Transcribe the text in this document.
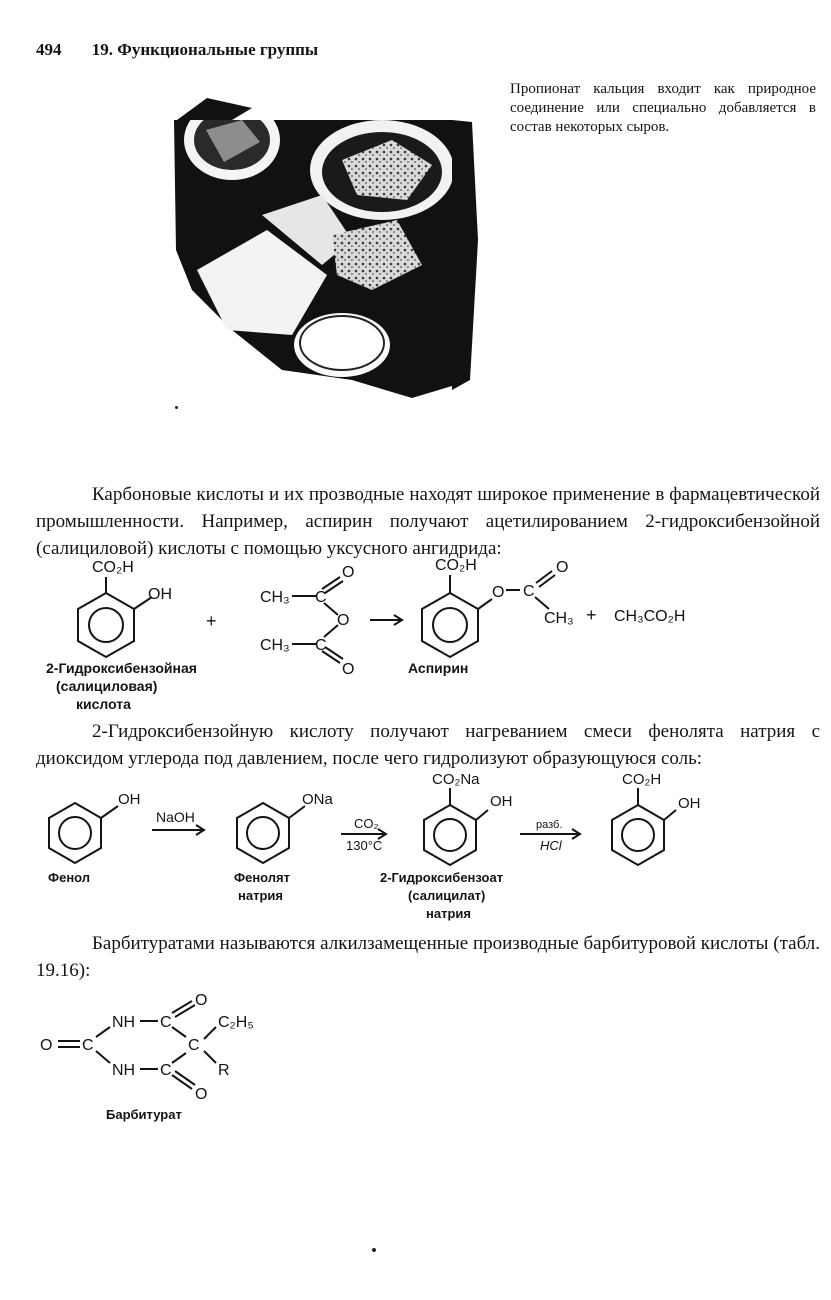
494 19. Функциональные группы
Пропионат кальция входит как природное соединение или специально добавляется в состав некоторых сыров.
Карбоновые кислоты и их прозводные находят широкое применение в фармацевтической промышленности. Например, аспирин получают ацетилированием 2-гидроксибензойной (салициловой) кислоты с помощью уксусного ангидрида:
CO₂H
OH
+
CH₃
CH₃
C
C
O
O
O
CO₂H
O C
O
CH₃ + CH₃CO₂H
2-Гидроксибензойная
(салициловая)
кислота
Аспирин
2-Гидроксибензойную кислоту получают нагреванием смеси фенолята натрия с диоксидом углерода под давлением, после чего гидролизуют образующуюся соль:
OH
NaOH
ONa
CO₂
130°C
CO₂Na
OH
разб.
HCl
CO₂H
OH
Фенол	Фенолят
натрия
2-Гидроксибензоат
(салицилат)
натрия
Барбитуратами называются алкилзамещенные производные барбитуровой кислоты (табл. 19.16):
O
NH C	C₂H₅
O C	C
NH C	R
O
Барбитурат
